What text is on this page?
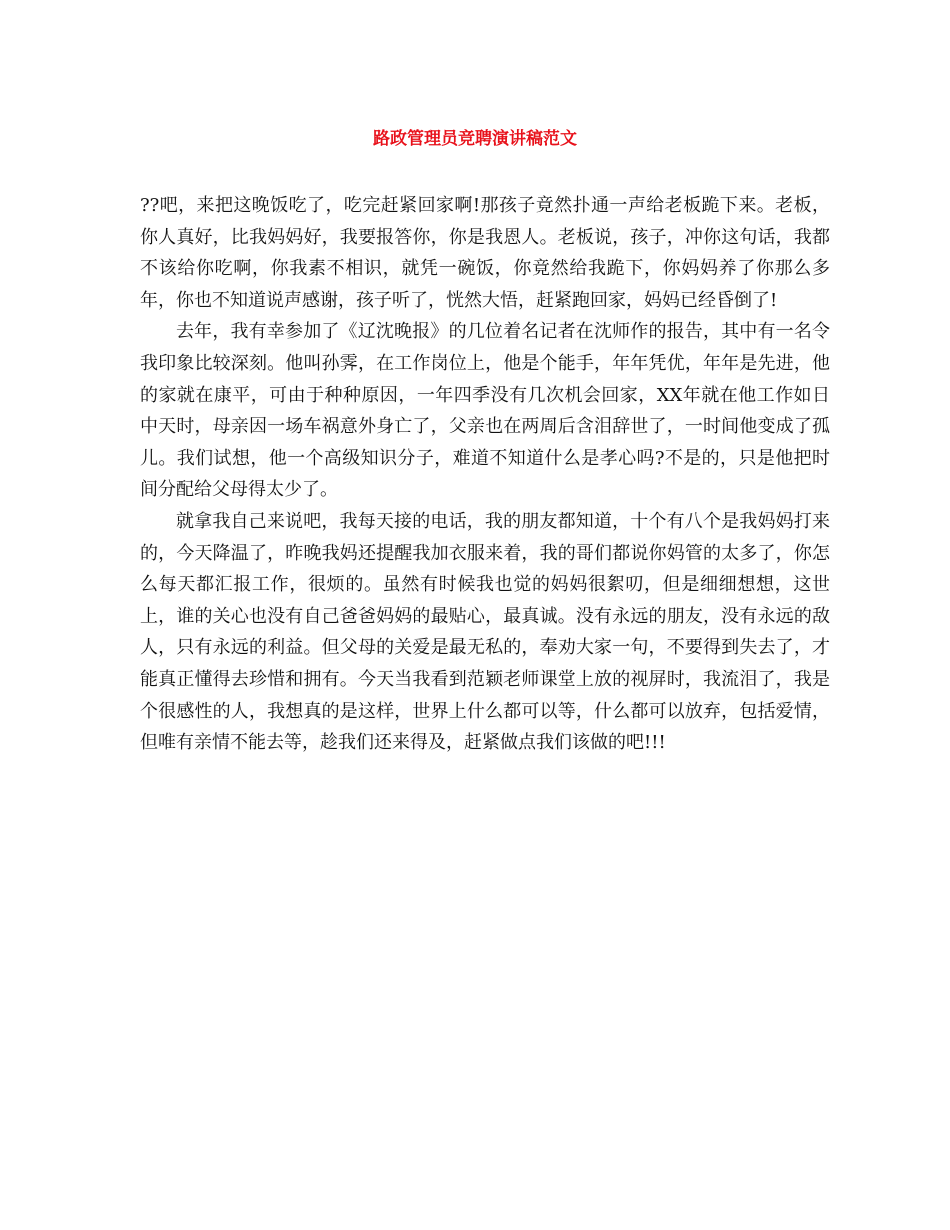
路政管理员竞聘演讲稿范文

??吧，来把这晚饭吃了，吃完赶紧回家啊!那孩子竟然扑通一声给老板跪下来。老板，你人真好，比我妈妈好，我要报答你，你是我恩人。老板说，孩子，冲你这句话，我都不该给你吃啊，你我素不相识，就凭一碗饭，你竟然给我跪下，你妈妈养了你那么多年，你也不知道说声感谢，孩子听了，恍然大悟，赶紧跑回家，妈妈已经昏倒了!

去年，我有幸参加了《辽沈晚报》的几位着名记者在沈师作的报告，其中有一名令我印象比较深刻。他叫孙霁，在工作岗位上，他是个能手，年年凭优，年年是先进，他的家就在康平，可由于种种原因，一年四季没有几次机会回家，XX年就在他工作如日中天时，母亲因一场车祸意外身亡了，父亲也在两周后含泪辞世了，一时间他变成了孤儿。我们试想，他一个高级知识分子，难道不知道什么是孝心吗?不是的，只是他把时间分配给父母得太少了。

就拿我自己来说吧，我每天接的电话，我的朋友都知道，十个有八个是我妈妈打来的，今天降温了，昨晚我妈还提醒我加衣服来着，我的哥们都说你妈管的太多了，你怎么每天都汇报工作，很烦的。虽然有时候我也觉的妈妈很絮叨，但是细细想想，这世上，谁的关心也没有自己爸爸妈妈的最贴心，最真诚。没有永远的朋友，没有永远的敌人，只有永远的利益。但父母的关爱是最无私的，奉劝大家一句，不要得到失去了，才能真正懂得去珍惜和拥有。今天当我看到范颖老师课堂上放的视屏时，我流泪了，我是个很感性的人，我想真的是这样，世界上什么都可以等，什么都可以放弃，包括爱情，但唯有亲情不能去等，趁我们还来得及，赶紧做点我们该做的吧!!!
